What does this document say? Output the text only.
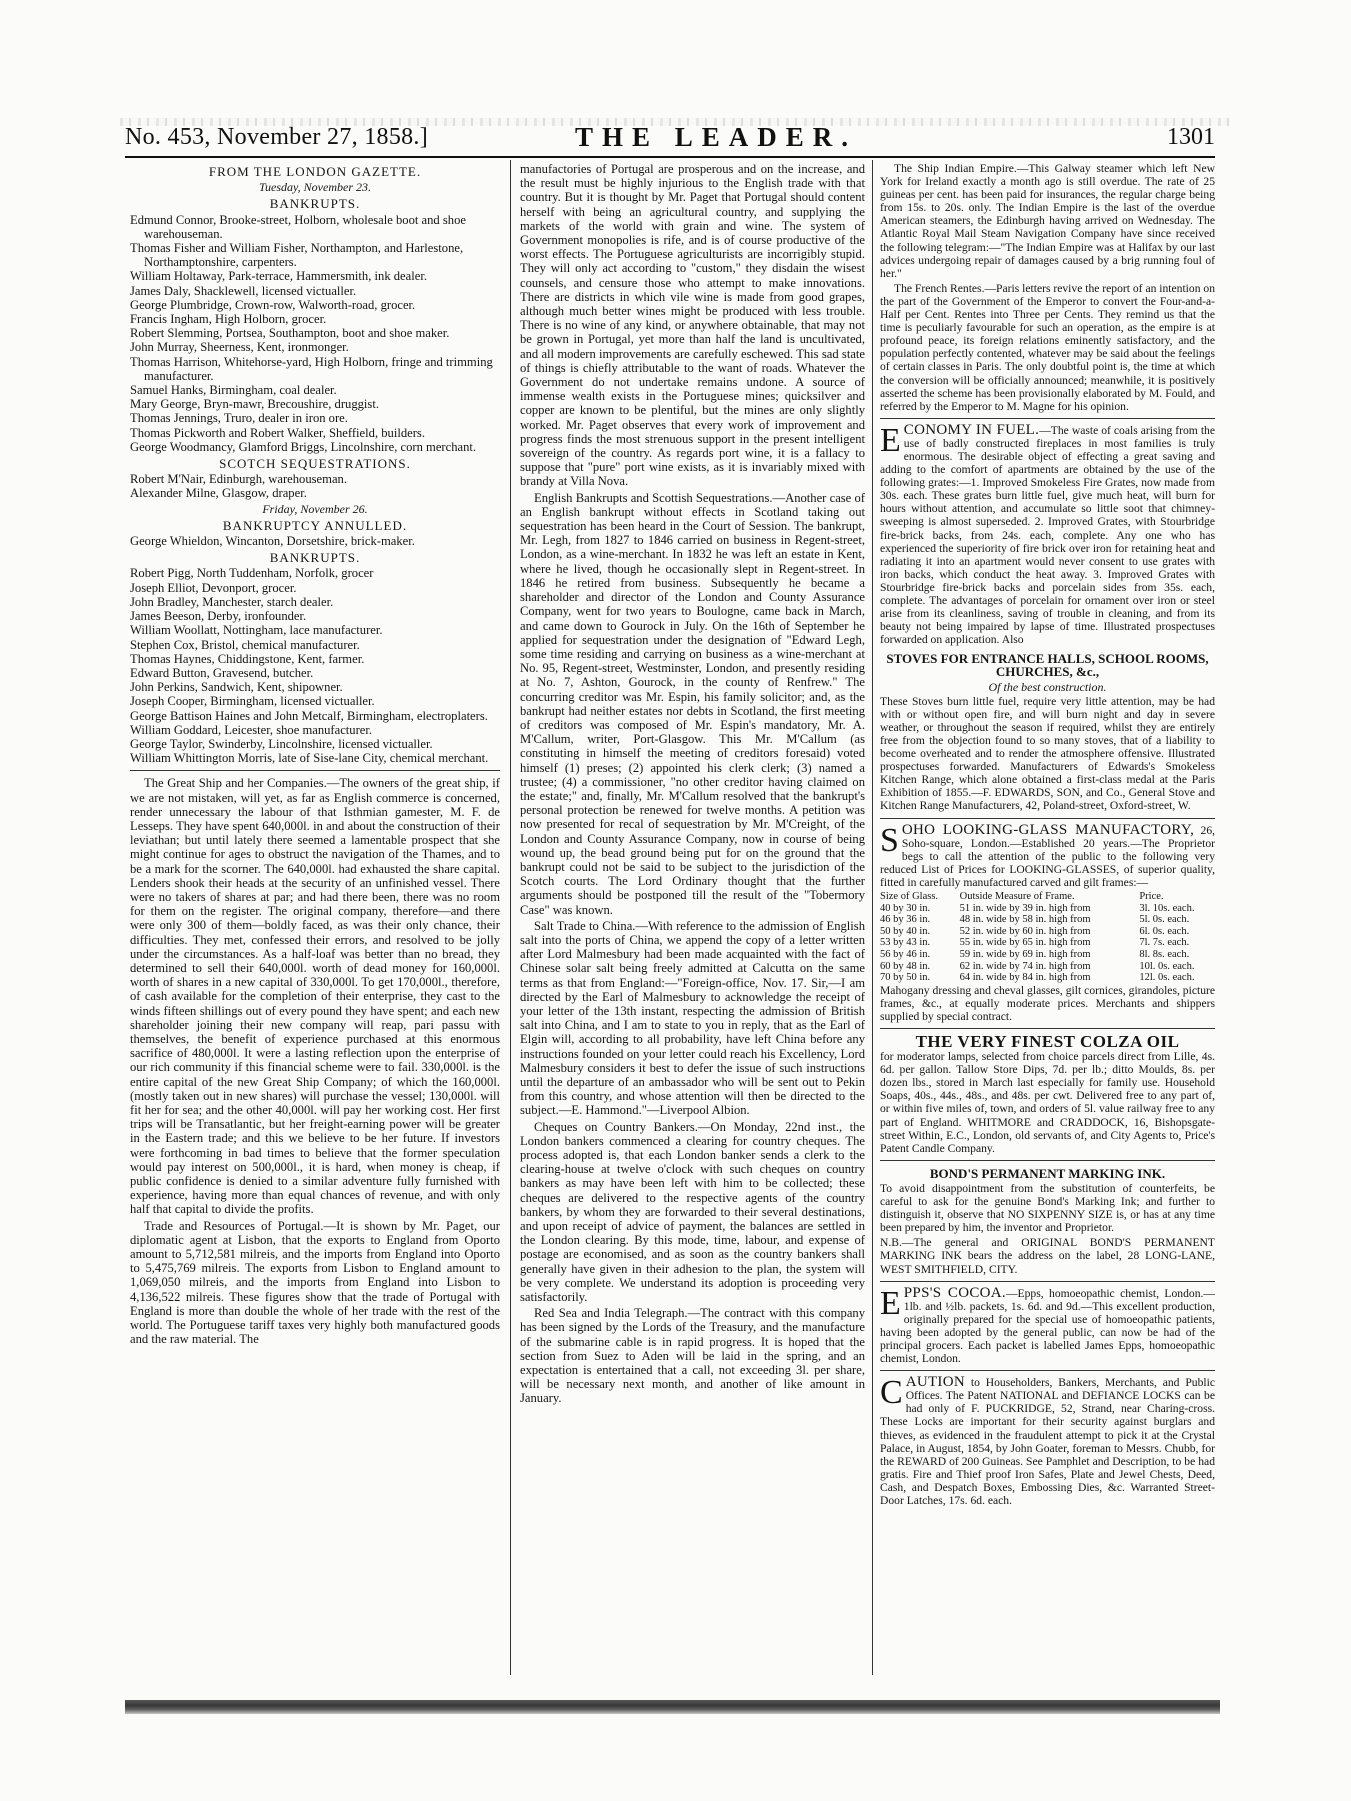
No. 453, November 27, 1858.]	THE LEADER.	1301
FROM THE LONDON GAZETTE.
Tuesday, November 23.
BANKRUPTS.

Edmund Connor, Brooke-street, Holborn, wholesale boot and shoe warehouseman.

Thomas Fisher and William Fisher, Northampton, and Harlestone, Northamptonshire, carpenters.

William Holtaway, Park-terrace, Hammersmith, ink dealer.

James Daly, Shacklewell, licensed victualler.

George Plumbridge, Crown-row, Walworth-road, grocer.

Francis Ingham, High Holborn, grocer.

Robert Slemming, Portsea, Southampton, boot and shoe maker.

John Murray, Sheerness, Kent, ironmonger.

Thomas Harrison, Whitehorse-yard, High Holborn, fringe and trimming manufacturer.

Samuel Hanks, Birmingham, coal dealer.

Mary George, Bryn-mawr, Brecoushire, druggist.

Thomas Jennings, Truro, dealer in iron ore.

Thomas Pickworth and Robert Walker, Sheffield, builders.

George Woodmancy, Glamford Briggs, Lincolnshire, corn merchant.

SCOTCH SEQUESTRATIONS.

Robert M'Nair, Edinburgh, warehouseman.

Alexander Milne, Glasgow, draper.

Friday, November 26.
BANKRUPTCY ANNULLED.

George Whieldon, Wincanton, Dorsetshire, brick-maker.

BANKRUPTS.

Robert Pigg, North Tuddenham, Norfolk, grocer

Joseph Elliot, Devonport, grocer.

John Bradley, Manchester, starch dealer.

James Beeson, Derby, ironfounder.

William Woollatt, Nottingham, lace manufacturer.

Stephen Cox, Bristol, chemical manufacturer.

Thomas Haynes, Chiddingstone, Kent, farmer.

Edward Button, Gravesend, butcher.

John Perkins, Sandwich, Kent, shipowner.

Joseph Cooper, Birmingham, licensed victualler.

George Battison Haines and John Metcalf, Birmingham, electroplaters.

William Goddard, Leicester, shoe manufacturer.

George Taylor, Swinderby, Lincolnshire, licensed victualler.

William Whittington Morris, late of Sise-lane City, chemical merchant.

The Great Ship and her Companies.—The owners of the great ship, if we are not mistaken, will yet, as far as English commerce is concerned, render unnecessary the labour of that Isthmian gamester, M. F. de Lesseps. They have spent 640,000l. in and about the construction of their leviathan; but until lately there seemed a lamentable prospect that she might continue for ages to obstruct the navigation of the Thames, and to be a mark for the scorner. The 640,000l. had exhausted the share capital. Lenders shook their heads at the security of an unfinished vessel. There were no takers of shares at par; and had there been, there was no room for them on the register. The original company, therefore—and there were only 300 of them—boldly faced, as was their only chance, their difficulties. They met, confessed their errors, and resolved to be jolly under the circumstances. As a half-loaf was better than no bread, they determined to sell their 640,000l. worth of dead money for 160,000l. worth of shares in a new capital of 330,000l. To get 170,000l., therefore, of cash available for the completion of their enterprise, they cast to the winds fifteen shillings out of every pound they have spent; and each new shareholder joining their new company will reap, pari passu with themselves, the benefit of experience purchased at this enormous sacrifice of 480,000l. It were a lasting reflection upon the enterprise of our rich community if this financial scheme were to fail. 330,000l. is the entire capital of the new Great Ship Company; of which the 160,000l. (mostly taken out in new shares) will purchase the vessel; 130,000l. will fit her for sea; and the other 40,000l. will pay her working cost. Her first trips will be Transatlantic, but her freight-earning power will be greater in the Eastern trade; and this we believe to be her future. If investors were forthcoming in bad times to believe that the former speculation would pay interest on 500,000l., it is hard, when money is cheap, if public confidence is denied to a similar adventure fully furnished with experience, having more than equal chances of revenue, and with only half that capital to divide the profits.

Trade and Resources of Portugal.—It is shown by Mr. Paget, our diplomatic agent at Lisbon, that the exports to England from Oporto amount to 5,712,581 milreis, and the imports from England into Oporto to 5,475,769 milreis. The exports from Lisbon to England amount to 1,069,050 milreis, and the imports from England into Lisbon to 4,136,522 milreis. These figures show that the trade of Portugal with England is more than double the whole of her trade with the rest of the world. The Portuguese tariff taxes very highly both manufactured goods and the raw material. The

manufactories of Portugal are prosperous and on the increase, and the result must be highly injurious to the English trade with that country. But it is thought by Mr. Paget that Portugal should content herself with being an agricultural country, and supplying the markets of the world with grain and wine. The system of Government monopolies is rife, and is of course productive of the worst effects. The Portuguese agriculturists are incorrigibly stupid. They will only act according to "custom," they disdain the wisest counsels, and censure those who attempt to make innovations. There are districts in which vile wine is made from good grapes, although much better wines might be produced with less trouble. There is no wine of any kind, or anywhere obtainable, that may not be grown in Portugal, yet more than half the land is uncultivated, and all modern improvements are carefully eschewed. This sad state of things is chiefly attributable to the want of roads. Whatever the Government do not undertake remains undone. A source of immense wealth exists in the Portuguese mines; quicksilver and copper are known to be plentiful, but the mines are only slightly worked. Mr. Paget observes that every work of improvement and progress finds the most strenuous support in the present intelligent sovereign of the country. As regards port wine, it is a fallacy to suppose that "pure" port wine exists, as it is invariably mixed with brandy at Villa Nova.

English Bankrupts and Scottish Sequestrations.—Another case of an English bankrupt without effects in Scotland taking out sequestration has been heard in the Court of Session. The bankrupt, Mr. Legh, from 1827 to 1846 carried on business in Regent-street, London, as a wine-merchant. In 1832 he was left an estate in Kent, where he lived, though he occasionally slept in Regent-street. In 1846 he retired from business. Subsequently he became a shareholder and director of the London and County Assurance Company, went for two years to Boulogne, came back in March, and came down to Gourock in July. On the 16th of September he applied for sequestration under the designation of "Edward Legh, some time residing and carrying on business as a wine-merchant at No. 95, Regent-street, Westminster, London, and presently residing at No. 7, Ashton, Gourock, in the county of Renfrew." The concurring creditor was Mr. Espin, his family solicitor; and, as the bankrupt had neither estates nor debts in Scotland, the first meeting of creditors was composed of Mr. Espin's mandatory, Mr. A. M'Callum, writer, Port-Glasgow. This Mr. M'Callum (as constituting in himself the meeting of creditors foresaid) voted himself (1) preses; (2) appointed his clerk clerk; (3) named a trustee; (4) a commissioner, "no other creditor having claimed on the estate;" and, finally, Mr. M'Callum resolved that the bankrupt's personal protection be renewed for twelve months. A petition was now presented for recal of sequestration by Mr. M'Creight, of the London and County Assurance Company, now in course of being wound up, the bead ground being put for on the ground that the bankrupt could not be said to be subject to the jurisdiction of the Scotch courts. The Lord Ordinary thought that the further arguments should be postponed till the result of the "Tobermory Case" was known.

Salt Trade to China.—With reference to the admission of English salt into the ports of China, we append the copy of a letter written after Lord Malmesbury had been made acquainted with the fact of Chinese solar salt being freely admitted at Calcutta on the same terms as that from England:—"Foreign-office, Nov. 17. Sir,—I am directed by the Earl of Malmesbury to acknowledge the receipt of your letter of the 13th instant, respecting the admission of British salt into China, and I am to state to you in reply, that as the Earl of Elgin will, according to all probability, have left China before any instructions founded on your letter could reach his Excellency, Lord Malmesbury considers it best to defer the issue of such instructions until the departure of an ambassador who will be sent out to Pekin from this country, and whose attention will then be directed to the subject.—E. Hammond."—Liverpool Albion.

Cheques on Country Bankers.—On Monday, 22nd inst., the London bankers commenced a clearing for country cheques. The process adopted is, that each London banker sends a clerk to the clearing-house at twelve o'clock with such cheques on country bankers as may have been left with him to be collected; these cheques are delivered to the respective agents of the country bankers, by whom they are forwarded to their several destinations, and upon receipt of advice of payment, the balances are settled in the London clearing. By this mode, time, labour, and expense of postage are economised, and as soon as the country bankers shall generally have given in their adhesion to the plan, the system will be very complete. We understand its adoption is proceeding very satisfactorily.

Red Sea and India Telegraph.—The contract with this company has been signed by the Lords of the Treasury, and the manufacture of the submarine cable is in rapid progress. It is hoped that the section from Suez to Aden will be laid in the spring, and an expectation is entertained that a call, not exceeding 3l. per share, will be necessary next month, and another of like amount in January.

The Ship Indian Empire.—This Galway steamer which left New York for Ireland exactly a month ago is still overdue. The rate of 25 guineas per cent. has been paid for insurances, the regular charge being from 15s. to 20s. only. The Indian Empire is the last of the overdue American steamers, the Edinburgh having arrived on Wednesday. The Atlantic Royal Mail Steam Navigation Company have since received the following telegram:—"The Indian Empire was at Halifax by our last advices undergoing repair of damages caused by a brig running foul of her."

The French Rentes.—Paris letters revive the report of an intention on the part of the Government of the Emperor to convert the Four-and-a-Half per Cent. Rentes into Three per Cents. They remind us that the time is peculiarly favourable for such an operation, as the empire is at profound peace, its foreign relations eminently satisfactory, and the population perfectly contented, whatever may be said about the feelings of certain classes in Paris. The only doubtful point is, the time at which the conversion will be officially announced; meanwhile, it is positively asserted the scheme has been provisionally elaborated by M. Fould, and referred by the Emperor to M. Magne for his opinion.

ECONOMY IN FUEL.—The waste of coals arising from the use of badly constructed fireplaces in most families is truly enormous. The desirable object of effecting a great saving and adding to the comfort of apartments are obtained by the use of the following grates:—1. Improved Smokeless Fire Grates, now made from 30s. each. These grates burn little fuel, give much heat, will burn for hours without attention, and accumulate so little soot that chimney-sweeping is almost superseded. 2. Improved Grates, with Stourbridge fire-brick backs, from 24s. each, complete. Any one who has experienced the superiority of fire brick over iron for retaining heat and radiating it into an apartment would never consent to use grates with iron backs, which conduct the heat away. 3. Improved Grates with Stourbridge fire-brick backs and porcelain sides from 35s. each, complete. The advantages of porcelain for ornament over iron or steel arise from its cleanliness, saving of trouble in cleaning, and from its beauty not being impaired by lapse of time. Illustrated prospectuses forwarded on application. Also

STOVES FOR ENTRANCE HALLS, SCHOOL ROOMS, CHURCHES, &c.,
Of the best construction.

These Stoves burn little fuel, require very little attention, may be had with or without open fire, and will burn night and day in severe weather, or throughout the season if required, whilst they are entirely free from the objection found to so many stoves, that of a liability to become overheated and to render the atmosphere offensive. Illustrated prospectuses forwarded. Manufacturers of Edwards's Smokeless Kitchen Range, which alone obtained a first-class medal at the Paris Exhibition of 1855.—F. EDWARDS, SON, and Co., General Stove and Kitchen Range Manufacturers, 42, Poland-street, Oxford-street, W.

SOHO LOOKING-GLASS MANUFACTORY, 26, Soho-square, London.—Established 20 years.—The Proprietor begs to call the attention of the public to the following very reduced List of Prices for LOOKING-GLASSES, of superior quality, fitted in carefully manufactured carved and gilt frames:—

Size of Glass.	Outside Measure of Frame.	Price.
40 by 30 in.	51 in. wide by 39 in. high from	3l. 10s. each.
46 by 36 in.	48 in. wide by 58 in. high from	5l. 0s. each.
50 by 40 in.	52 in. wide by 60 in. high from	6l. 0s. each.
53 by 43 in.	55 in. wide by 65 in. high from	7l. 7s. each.
56 by 46 in.	59 in. wide by 69 in. high from	8l. 8s. each.
60 by 48 in.	62 in. wide by 74 in. high from	10l. 0s. each.
70 by 50 in.	64 in. wide by 84 in. high from	12l. 0s. each.

Mahogany dressing and cheval glasses, gilt cornices, girandoles, picture frames, &c., at equally moderate prices. Merchants and shippers supplied by special contract.

THE VERY FINEST COLZA OIL

for moderator lamps, selected from choice parcels direct from Lille, 4s. 6d. per gallon. Tallow Store Dips, 7d. per lb.; ditto Moulds, 8s. per dozen lbs., stored in March last especially for family use. Household Soaps, 40s., 44s., 48s., and 48s. per cwt. Delivered free to any part of, or within five miles of, town, and orders of 5l. value railway free to any part of England. WHITMORE and CRADDOCK, 16, Bishopsgate-street Within, E.C., London, old servants of, and City Agents to, Price's Patent Candle Company.

BOND'S PERMANENT MARKING INK.

To avoid disappointment from the substitution of counterfeits, be careful to ask for the genuine Bond's Marking Ink; and further to distinguish it, observe that NO SIXPENNY SIZE is, or has at any time been prepared by him, the inventor and Proprietor.

N.B.—The general and ORIGINAL BOND'S PERMANENT MARKING INK bears the address on the label, 28 LONG-LANE, WEST SMITHFIELD, CITY.

EPPS'S COCOA.—Epps, homoeopathic chemist, London.—1lb. and ½lb. packets, 1s. 6d. and 9d.—This excellent production, originally prepared for the special use of homoeopathic patients, having been adopted by the general public, can now be had of the principal grocers. Each packet is labelled James Epps, homoeopathic chemist, London.

CAUTION to Householders, Bankers, Merchants, and Public Offices. The Patent NATIONAL and DEFIANCE LOCKS can be had only of F. PUCKRIDGE, 52, Strand, near Charing-cross. These Locks are important for their security against burglars and thieves, as evidenced in the fraudulent attempt to pick it at the Crystal Palace, in August, 1854, by John Goater, foreman to Messrs. Chubb, for the REWARD of 200 Guineas. See Pamphlet and Description, to be had gratis. Fire and Thief proof Iron Safes, Plate and Jewel Chests, Deed, Cash, and Despatch Boxes, Embossing Dies, &c. Warranted Street-Door Latches, 17s. 6d. each.
